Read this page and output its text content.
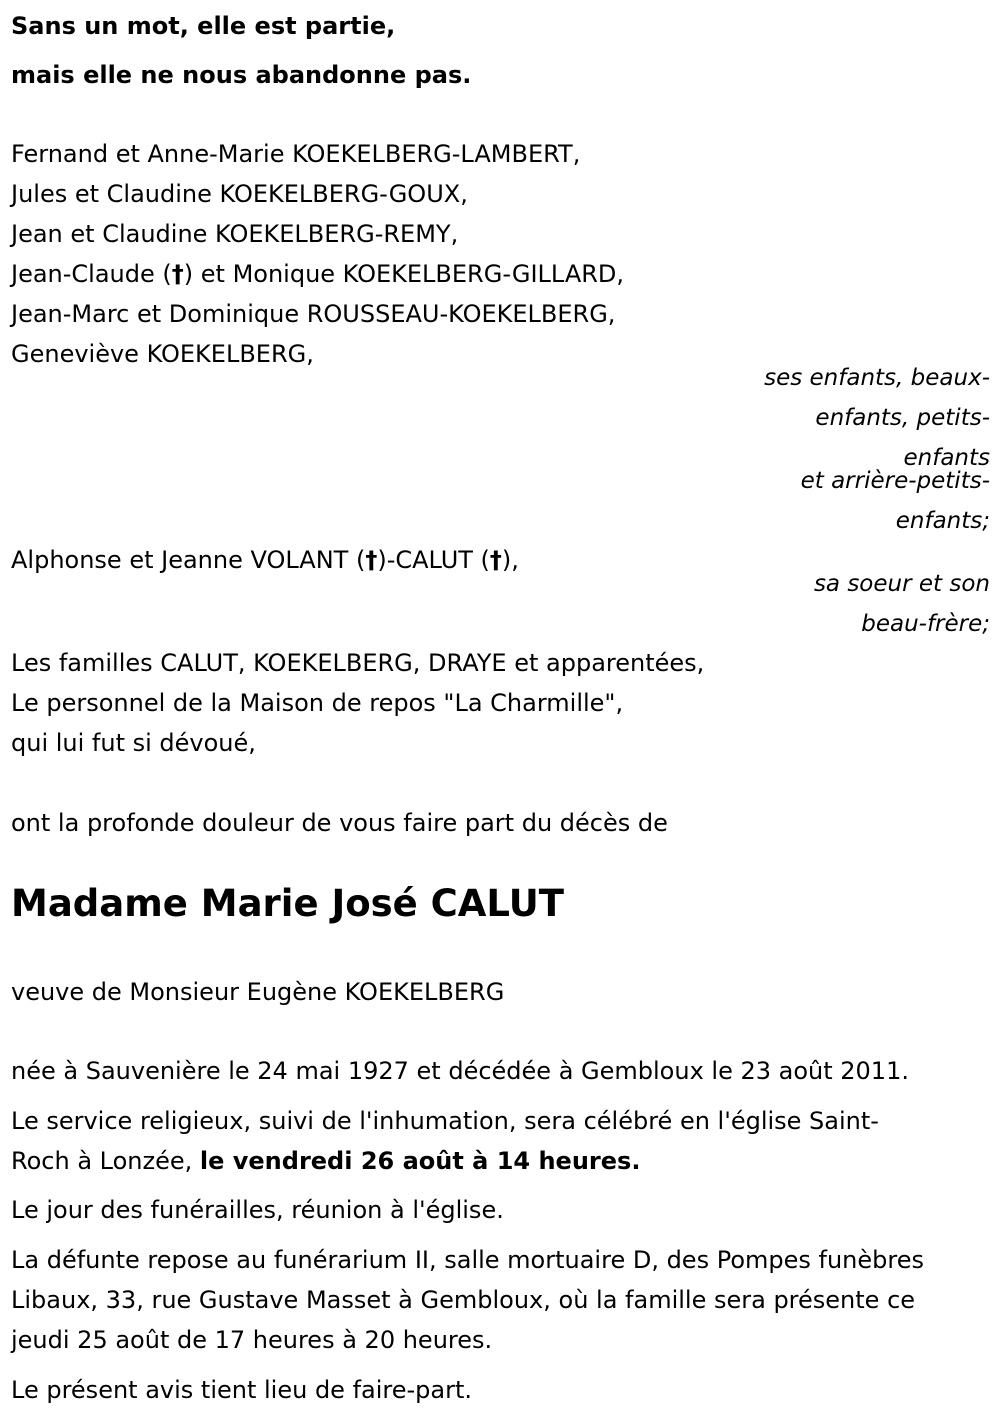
Sans un mot, elle est partie,
mais elle ne nous abandonne pas.
Fernand et Anne-Marie KOEKELBERG-LAMBERT,
Jules et Claudine KOEKELBERG-GOUX,
Jean et Claudine KOEKELBERG-REMY,
Jean-Claude (†) et Monique KOEKELBERG-GILLARD,
Jean-Marc et Dominique ROUSSEAU-KOEKELBERG,
Geneviève KOEKELBERG,
ses enfants, beaux-enfants, petits-enfants
et arrière-petits-enfants;
Alphonse et Jeanne VOLANT (†)-CALUT (†),
sa soeur et son beau-frère;
Les familles CALUT, KOEKELBERG, DRAYE et apparentées,
Le personnel de la Maison de repos "La Charmille",
qui lui fut si dévoué,
ont la profonde douleur de vous faire part du décès de
Madame Marie José CALUT
veuve de Monsieur Eugène KOEKELBERG
née à Sauvenière le 24 mai 1927 et décédée à Gembloux le 23 août 2011.
Le service religieux, suivi de l'inhumation, sera célébré en l'église Saint-Roch à Lonzée, le vendredi 26 août à 14 heures.
Le jour des funérailles, réunion à l'église.
La défunte repose au funérarium II, salle mortuaire D, des Pompes funèbres Libaux, 33, rue Gustave Masset à Gembloux, où la famille sera présente ce jeudi 25 août de 17 heures à 20 heures.
Le présent avis tient lieu de faire-part.
